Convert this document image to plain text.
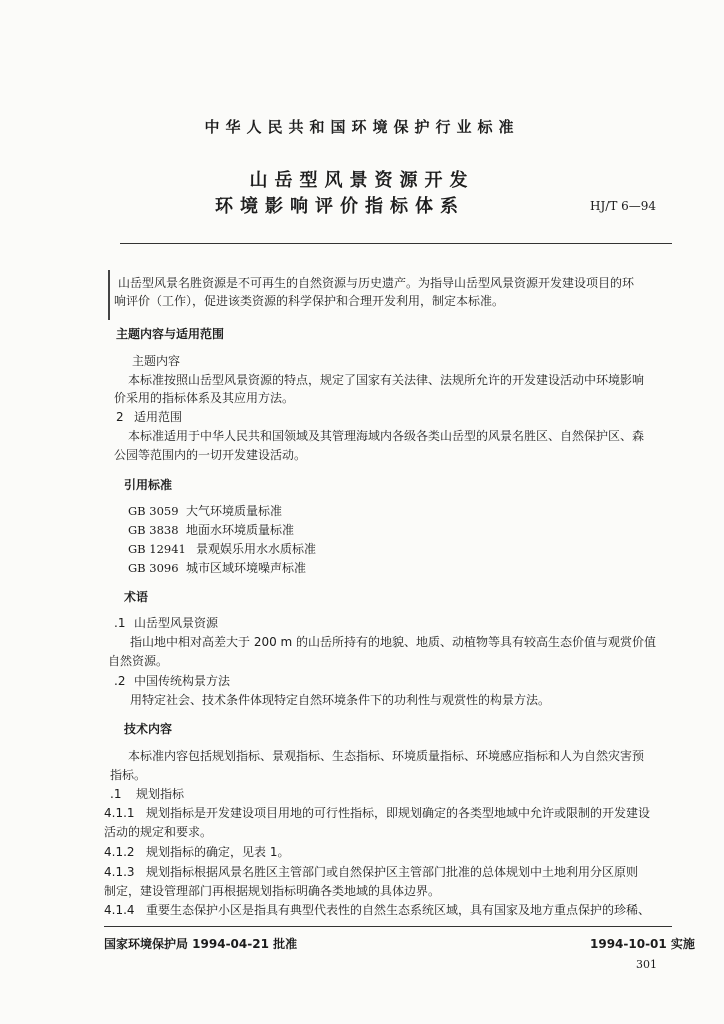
中华人民共和国环境保护行业标准
山岳型风景资源开发
环境影响评价指标体系	HJ/T 6—94
山岳型风景名胜资源是不可再生的自然资源与历史遗产。为指导山岳型风景资源开发建设项目的环
响评价（工作），促进该类资源的科学保护和合理开发利用，制定本标准。
主题内容与适用范围
主题内容
本标准按照山岳型风景资源的特点，规定了国家有关法律、法规所允许的开发建设活动中环境影响
价采用的指标体系及其应用方法。
2 适用范围
本标准适用于中华人民共和国领域及其管理海域内各级各类山岳型的风景名胜区、自然保护区、森
公园等范围内的一切开发建设活动。
引用标准
GB 3059 大气环境质量标准
GB 3838 地面水环境质量标准
GB 12941 景观娱乐用水水质标准
GB 3096 城市区域环境噪声标准
术语
.1 山岳型风景资源
指山地中相对高差大于 200 m 的山岳所持有的地貌、地质、动植物等具有较高生态价值与观赏价值
自然资源。
.2 中国传统构景方法
用特定社会、技术条件体现特定自然环境条件下的功利性与观赏性的构景方法。
技术内容
本标准内容包括规划指标、景观指标、生态指标、环境质量指标、环境感应指标和人为自然灾害预
指标。
.1 规划指标
4.1.1 规划指标是开发建设项目用地的可行性指标，即规划确定的各类型地域中允许或限制的开发建设
活动的规定和要求。
4.1.2 规划指标的确定，见表 1。
4.1.3 规划指标根据风景名胜区主管部门或自然保护区主管部门批准的总体规划中土地利用分区原则
制定，建设管理部门再根据规划指标明确各类地域的具体边界。
4.1.4 重要生态保护小区是指具有典型代表性的自然生态系统区域，具有国家及地方重点保护的珍稀、
国家环境保护局 1994-04-21 批准	1994-10-01 实施
301
